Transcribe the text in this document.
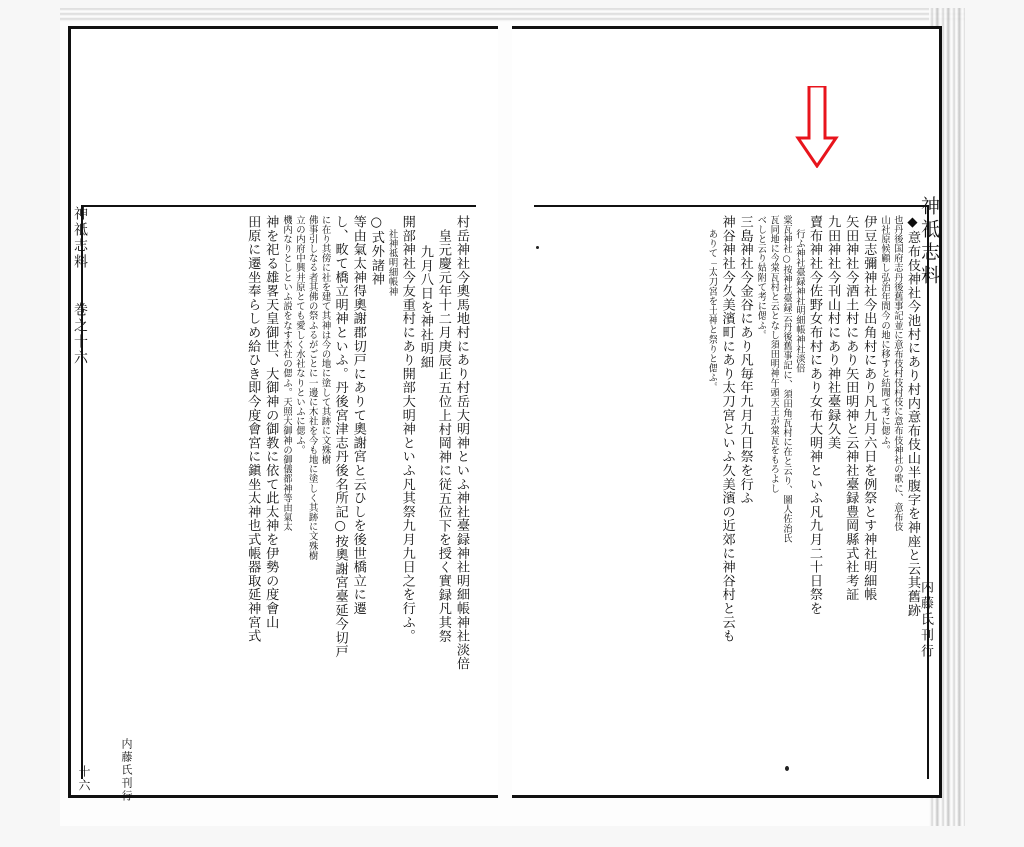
村岳神社今奧馬地村にあり村岳大明神といふ神社臺録神社明細帳神社淡倍
皇元慶元年十二月庚辰正五位上村岡神に従五位下を授く實録凡其祭
九月八日を神社明細
開部神社今友重村にあり開部大明神といふ凡其祭九月九日之を行ふ。
社神祗明細帳神
○式外諸神
等由氣太神得奧謝郡切戸にありて奧謝宮と云ひしを後世橋立に遷
し、畋て橋立明神といふ。丹後宮津志丹後名所記○按奧謝宮臺延今切戸
に在り其傍に社を建て其神は今の地に塗して其跡に文殊樹
佛事引しなる者其佛の祭ふるがごとに一邊に木社を今も地に塗しく其跡に文殊樹
立の内府中興井原とても愛しく水社なりといふに偲ふ。
機内なりとしといふ説をなす木社の偲ふ。天照大御神の御儀都神等由氣太
神を祀る雄畧天皇御世、大御神の御教に依て此太神を伊勢の度會山
田原に遷坐奉らしめ給ひき即今度會宮に鎭坐太神也式帳器取延神宮式	◆意布伎神社今池村にあり村内意布伎山半腹字を神座と云其舊跡
也丹後国府志丹後舊事記並に意布伎村伎村伎に意布伎神社の歌に、意布伎
山社原候顧し弘治年間今の地に移すと結聞て考に偲ふ。
伊豆志彌神社今出角村にあり凡九月六日を例祭とす神社明細帳
矢田神社今酒土村にあり矢田明神と云神社臺録豊岡縣式社考証
九田神社今刊山村にあり神社臺録久美
賣布神社今佐野女布村にあり女布大明神といふ凡九月二十日祭を
行ふ神社臺録神社明細帳神社淡倍
棠瓦神社○按神社臺録云丹後舊事記に、須田角瓦村に在と云り、圖人佐治氏
瓦同地に今棠瓦村と云となし須田明神午頭天王が棠瓦をもろよし
べしと云り姑附て考に偲ふ。
三島神社今金谷にあり凡毎年九月九日祭を行ふ
神谷神社今久美濱町にあり太刀宮といふ久美濱の近郊に神谷村と云も
ありて「太刀宮を土神と祭りと偲ふ。
神祗志料　　巻之十六	神祗志料
内藤氏刊行
十六	内藤氏刊行
